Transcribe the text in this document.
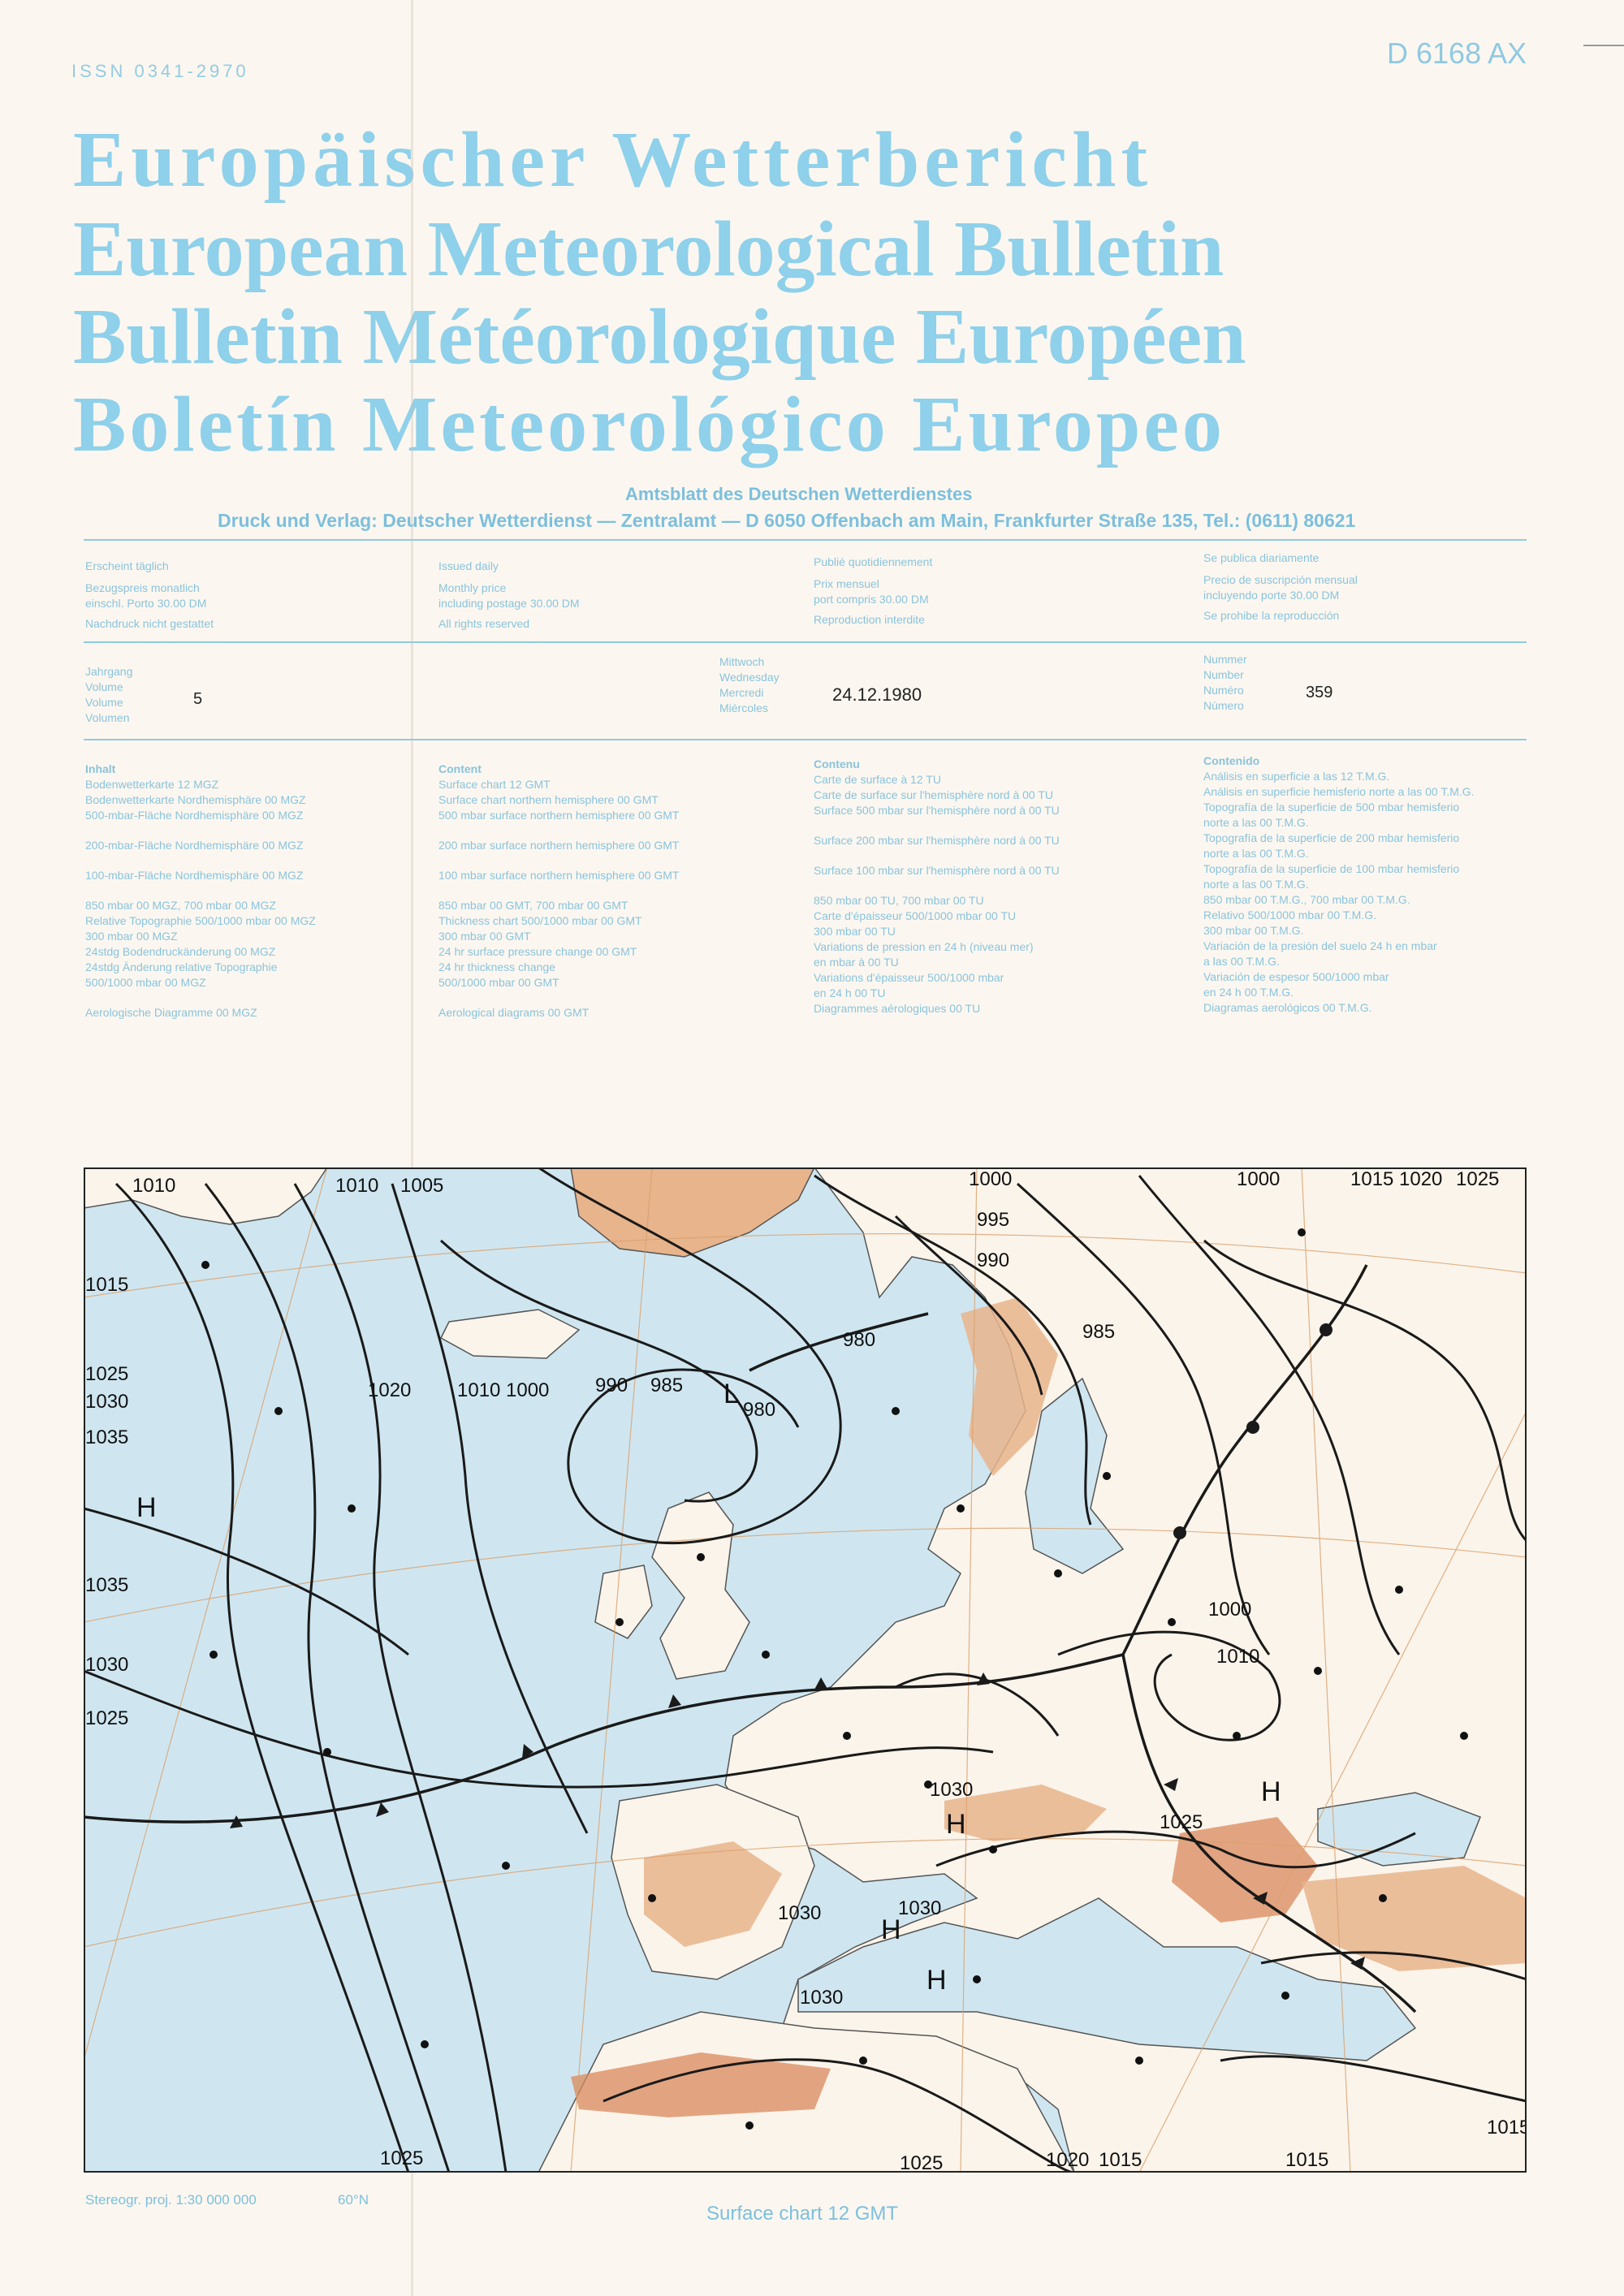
ISSN 0341-2970
D 6168 AX
Europäischer Wetterbericht
European Meteorological Bulletin
Bulletin Météorologique Européen
Boletín Meteorológico Europeo
Amtsblatt des Deutschen Wetterdienstes
Druck und Verlag: Deutscher Wetterdienst — Zentralamt — D 6050 Offenbach am Main, Frankfurter Straße 135, Tel.: (0611) 80621
Erscheint täglich
Bezugspreis monatlich
einschl. Porto 30.00 DM
Nachdruck nicht gestattet
Issued daily
Monthly price
including postage 30.00 DM
All rights reserved
Publié quotidiennement
Prix mensuel
port compris 30.00 DM
Reproduction interdite
Se publica diariamente
Precio de suscripción mensual
incluyendo porte 30.00 DM
Se prohibe la reproducción
Jahrgang
Volume
Volume
Volumen
5
Mittwoch
Wednesday
Mercredi
Miércoles
24.12.1980
Nummer
Number
Numéro
Número
359
Inhalt
Bodenwetterkarte 12 MGZ
Bodenwetterkarte Nordhemisphäre 00 MGZ
500-mbar-Fläche Nordhemisphäre 00 MGZ
200-mbar-Fläche Nordhemisphäre 00 MGZ
100-mbar-Fläche Nordhemisphäre 00 MGZ
850 mbar 00 MGZ, 700 mbar 00 MGZ
Relative Topographie 500/1000 mbar 00 MGZ
300 mbar 00 MGZ
24stdg Bodendruckänderung 00 MGZ
24stdg Änderung relative Topographie
500/1000 mbar 00 MGZ
Aerologische Diagramme 00 MGZ
Content
Surface chart 12 GMT
Surface chart northern hemisphere 00 GMT
500 mbar surface northern hemisphere 00 GMT
200 mbar surface northern hemisphere 00 GMT
100 mbar surface northern hemisphere 00 GMT
850 mbar 00 GMT, 700 mbar 00 GMT
Thickness chart 500/1000 mbar 00 GMT
300 mbar 00 GMT
24 hr surface pressure change 00 GMT
24 hr thickness change
500/1000 mbar 00 GMT
Aerological diagrams 00 GMT
Contenu
Carte de surface à 12 TU
Carte de surface sur l'hemisphère nord à 00 TU
Surface 500 mbar sur l'hemisphère nord à 00 TU
Surface 200 mbar sur l'hemisphère nord à 00 TU
Surface 100 mbar sur l'hemisphère nord à 00 TU
850 mbar 00 TU, 700 mbar 00 TU
Carte d'épaisseur 500/1000 mbar 00 TU
300 mbar 00 TU
Variations de pression en 24 h (niveau mer)
en mbar à 00 TU
Variations d'épaisseur 500/1000 mbar
en 24 h 00 TU
Diagrammes aérologiques 00 TU
Contenido
Análisis en superficie a las 12 T.M.G.
Análisis en superficie hemisferio norte a las 00 T.M.G.
Topografía de la superficie de 500 mbar hemisferio
norte a las 00 T.M.G.
Topografía de la superficie de 200 mbar hemisferio
norte a las 00 T.M.G.
Topografía de la superficie de 100 mbar hemisferio
norte a las 00 T.M.G.
850 mbar 00 T.M.G., 700 mbar 00 T.M.G.
Relativo 500/1000 mbar 00 T.M.G.
300 mbar 00 T.M.G.
Variación de la presión del suelo 24 h en mbar
a las 00 T.M.G.
Variación de espesor 500/1000 mbar
en 24 h 00 T.M.G.
Diagramas aerológicos 00 T.M.G.
1010	1010 1005	1000
995
990
1000	1015 1020 1025
1015
1025
1030
1035
1020 1010 1000 990 985
980
980	985
1035
1030
1025
1000
1010
1030
1030	1030
1030
1025
1025	1020 1015	1015
1015
1025
H
L
H
H
H
H
Stereogr. proj. 1:30 000 000	60°N
Surface chart 12 GMT
